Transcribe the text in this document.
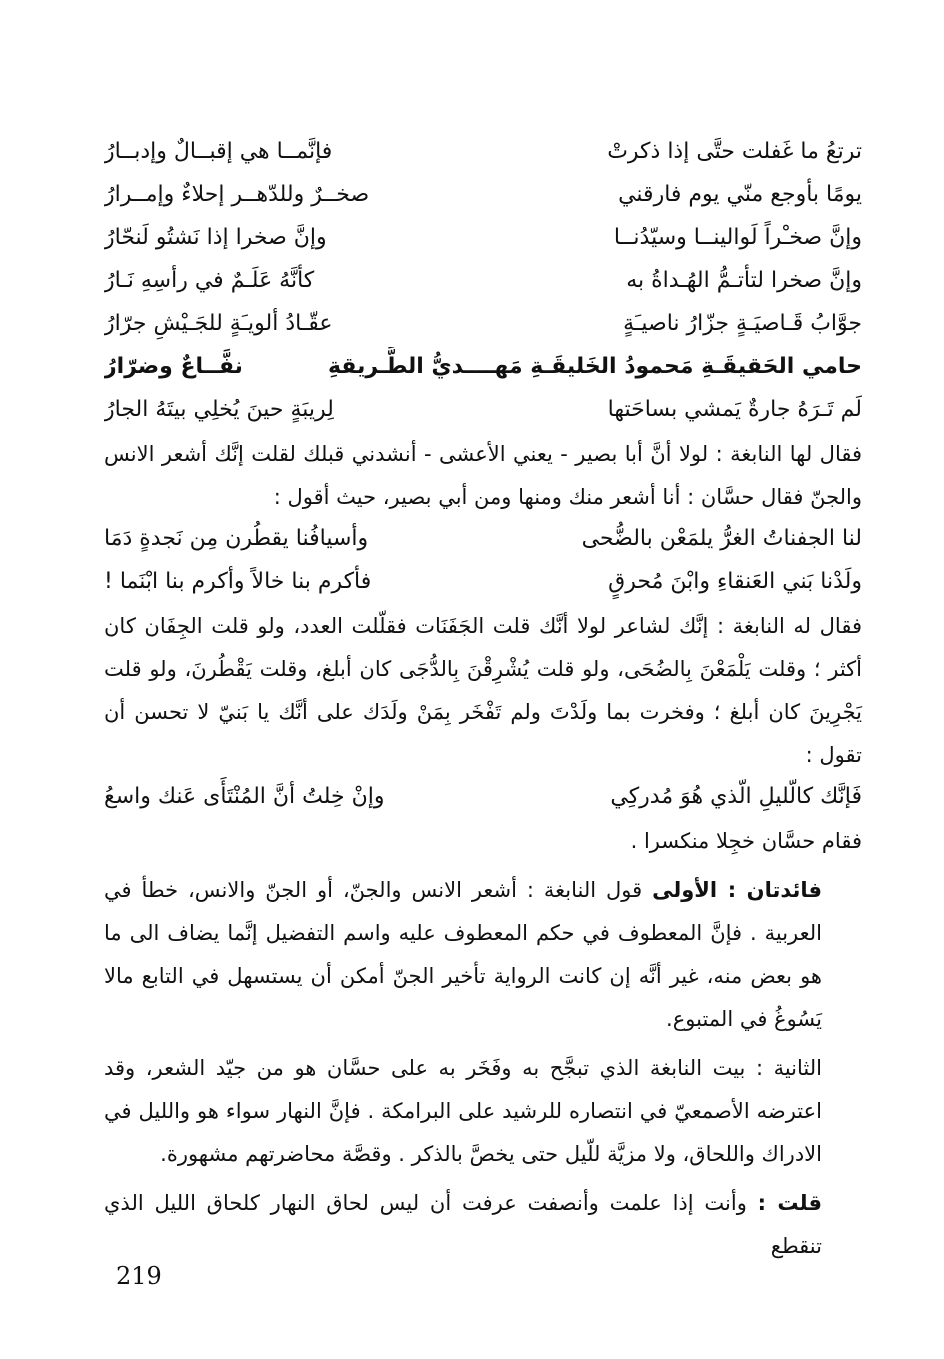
ترتعُ ما غَفلت حتَّى إذا ذكرتْ
فإنَّمــا هي إقبــالٌ وإدبــارُ
يومًا بأوجع منّي يوم فارقني
صخــرٌ وللدّهــر إحلاءٌ وإمــرارُ
وإنَّ صخـْراً لَوالينــا وسيّدُنــا
وإنَّ صخرا إذا نَشتُو لَنحّارُ
وإنَّ صخرا لتأتـمُّ الهُـداةُ به
كأنَّهُ عَلَـمٌ في رأسِهِ نَـارُ
جوَّابُ قَـاصيَـةٍ جزّارُ ناصيـَةٍ
عقّـادُ ألويـَةٍ للجَـيْشِ جرّارُ
حامي الحَقيقَـةِ مَحمودُ الخَليقَـةِ مَهــــديُّ الطَّـريقةِ
نفَّــاعٌ وضرّارُ
لَم تَـرَهُ جارةٌ يَمشي بساحَتها
لِريبَةٍ حينَ يُخلِي بيتَهُ الجارُ

فقال لها النابغة : لولا أنَّ أبا بصير - يعني الأعشى - أنشدني قبلك لقلت إنَّك أشعر الانس والجنّ فقال حسَّان : أنا أشعر منك ومنها ومن أبي بصير، حيث أقول :

لنا الجفناتُ الغرُّ يلمَعْن بالضُّحى
وأسيافُنا يقطُرن مِن نَجدةٍ دَمَا
ولَدْنا بَني العَنقاءِ وابْنَ مُحرقٍ
فأكرم بنا خالاً وأكرم بنا ابْنَما !

فقال له النابغة : إنَّك لشاعر لولا أنَّك قلت الجَفَنَات فقلّلت العدد، ولو قلت الجِفَان كان أكثر ؛ وقلت يَلْمَعْنَ بِالضُحَى، ولو قلت يُشْرِقْنَ بِالدُّجَى كان أبلغ، وقلت يَقْطُرنَ، ولو قلت يَجْرِينَ كان أبلغ ؛ وفخرت بما ولَدْتَ ولم تَفْخَر بِمَنْ ولَدَك على أنَّك يا بَنيّ لا تحسن أن تقول :

فَإنَّك كالّليلِ الّذي هُوَ مُدركِي
وإنْ خِلتُ أنَّ المُنْتَأَى عَنك واسعُ

فقام حسَّان خجِلا منكسرا .

فائدتان : الأولى قول النابغة : أشعر الانس والجنّ، أو الجنّ والانس، خطأ في العربية . فإنَّ المعطوف في حكم المعطوف عليه واسم التفضيل إنَّما يضاف الى ما هو بعض منه، غير أنَّه إن كانت الرواية تأخير الجنّ أمكن أن يستسهل في التابع مالا يَسُوغُ في المتبوع.

الثانية : بيت النابغة الذي تبجَّح به وفَخَر به على حسَّان هو من جيّد الشعر، وقد اعترضه الأصمعيّ في انتصاره للرشيد على البرامكة . فإنَّ النهار سواء هو والليل في الادراك واللحاق، ولا مزيَّة للّيل حتى يخصَّ بالذكر . وقصَّة محاضرتهم مشهورة.

قلت : وأنت إذا علمت وأنصفت عرفت أن ليس لحاق النهار كلحاق الليل الذي تنقطع

219
